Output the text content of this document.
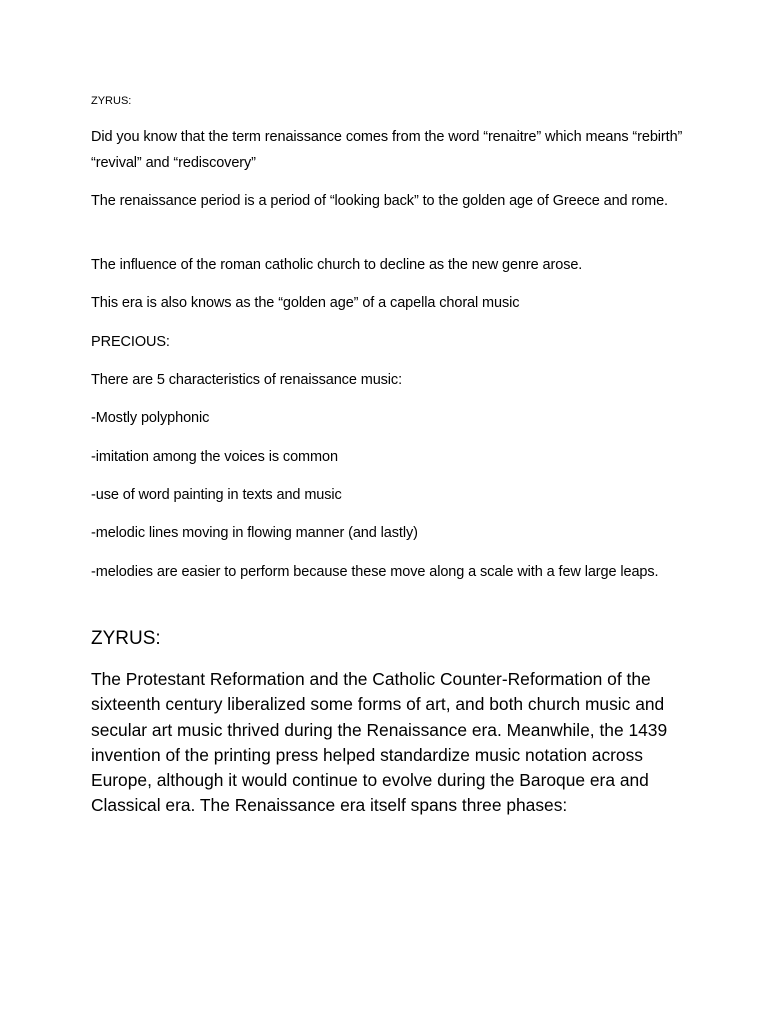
ZYRUS:

Did you know that the term renaissance comes from the word “renaitre” which means “rebirth” “revival” and “rediscovery”

The renaissance period is a period of “looking back” to the golden age of Greece and rome.

The influence of the roman catholic church to decline as the new genre arose.

This era is also knows as the “golden age” of a capella choral music

PRECIOUS:

There are 5 characteristics of renaissance music:

-Mostly polyphonic

-imitation among the voices is common

-use of word painting in texts and music

-melodic lines moving in flowing manner (and lastly)

-melodies are easier to perform because these move along a scale with a few large leaps.

ZYRUS:

The Protestant Reformation and the Catholic Counter-Reformation of the sixteenth century liberalized some forms of art, and both church music and secular art music thrived during the Renaissance era. Meanwhile, the 1439 invention of the printing press helped standardize music notation across Europe, although it would continue to evolve during the Baroque era and Classical era. The Renaissance era itself spans three phases:
